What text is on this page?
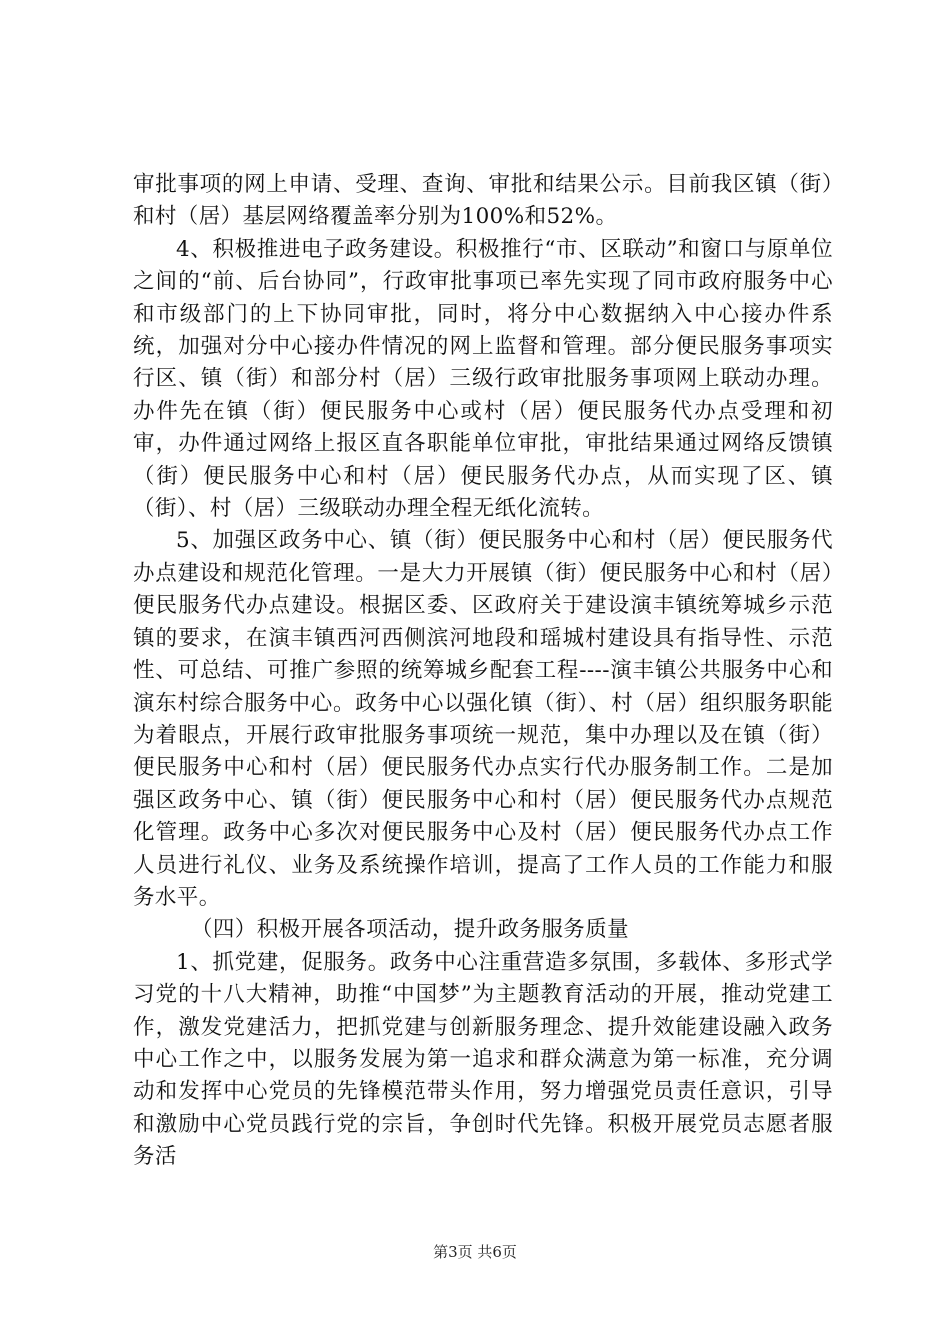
审批事项的网上申请、受理、查询、审批和结果公示。目前我区镇（街）和村（居）基层网络覆盖率分别为100%和52%。

4、积极推进电子政务建设。积极推行“市、区联动”和窗口与原单位之间的“前、后台协同”，行政审批事项已率先实现了同市政府服务中心和市级部门的上下协同审批，同时，将分中心数据纳入中心接办件系统，加强对分中心接办件情况的网上监督和管理。部分便民服务事项实行区、镇（街）和部分村（居）三级行政审批服务事项网上联动办理。办件先在镇（街）便民服务中心或村（居）便民服务代办点受理和初审，办件通过网络上报区直各职能单位审批，审批结果通过网络反馈镇（街）便民服务中心和村（居）便民服务代办点，从而实现了区、镇（街）、村（居）三级联动办理全程无纸化流转。

5、加强区政务中心、镇（街）便民服务中心和村（居）便民服务代办点建设和规范化管理。一是大力开展镇（街）便民服务中心和村（居）便民服务代办点建设。根据区委、区政府关于建设演丰镇统筹城乡示范镇的要求，在演丰镇西河西侧滨河地段和瑶城村建设具有指导性、示范性、可总结、可推广参照的统筹城乡配套工程----演丰镇公共服务中心和演东村综合服务中心。政务中心以强化镇（街）、村（居）组织服务职能为着眼点，开展行政审批服务事项统一规范，集中办理以及在镇（街）便民服务中心和村（居）便民服务代办点实行代办服务制工作。二是加强区政务中心、镇（街）便民服务中心和村（居）便民服务代办点规范化管理。政务中心多次对便民服务中心及村（居）便民服务代办点工作人员进行礼仪、业务及系统操作培训，提高了工作人员的工作能力和服务水平。

（四）积极开展各项活动，提升政务服务质量

1、抓党建，促服务。政务中心注重营造多氛围，多载体、多形式学习党的十八大精神，助推“中国梦”为主题教育活动的开展，推动党建工作，激发党建活力，把抓党建与创新服务理念、提升效能建设融入政务中心工作之中，以服务发展为第一追求和群众满意为第一标准，充分调动和发挥中心党员的先锋模范带头作用，努力增强党员责任意识，引导和激励中心党员践行党的宗旨，争创时代先锋。积极开展党员志愿者服务活

第3页 共6页
